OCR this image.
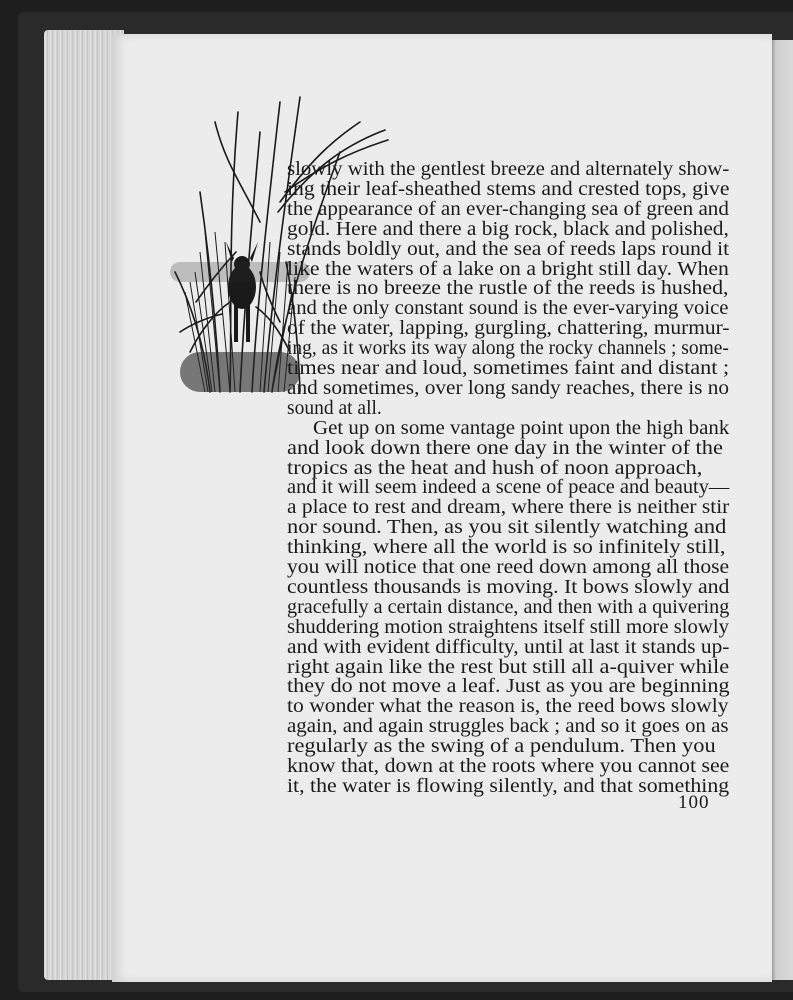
slowly with the gentlest breeze and alternately show-
ing their leaf-sheathed stems and crested tops, give
the appearance of an ever-changing sea of green and
gold. Here and there a big rock, black and polished,
stands boldly out, and the sea of reeds laps round it
like the waters of a lake on a bright still day. When
there is no breeze the rustle of the reeds is hushed,
and the only constant sound is the ever-varying voice
of the water, lapping, gurgling, chattering, murmur-
ing, as it works its way along the rocky channels ; some-
times near and loud, sometimes faint and distant ;
and sometimes, over long sandy reaches, there is no
sound at all.
Get up on some vantage point upon the high bank
and look down there one day in the winter of the
tropics as the heat and hush of noon approach,
and it will seem indeed a scene of peace and beauty—
a place to rest and dream, where there is neither stir
nor sound. Then, as you sit silently watching and
thinking, where all the world is so infinitely still,
you will notice that one reed down among all those
countless thousands is moving. It bows slowly and
gracefully a certain distance, and then with a quivering
shuddering motion straightens itself still more slowly
and with evident difficulty, until at last it stands up-
right again like the rest but still all a-quiver while
they do not move a leaf. Just as you are beginning
to wonder what the reason is, the reed bows slowly
again, and again struggles back ; and so it goes on as
regularly as the swing of a pendulum. Then you
know that, down at the roots where you cannot see
it, the water is flowing silently, and that something
100
